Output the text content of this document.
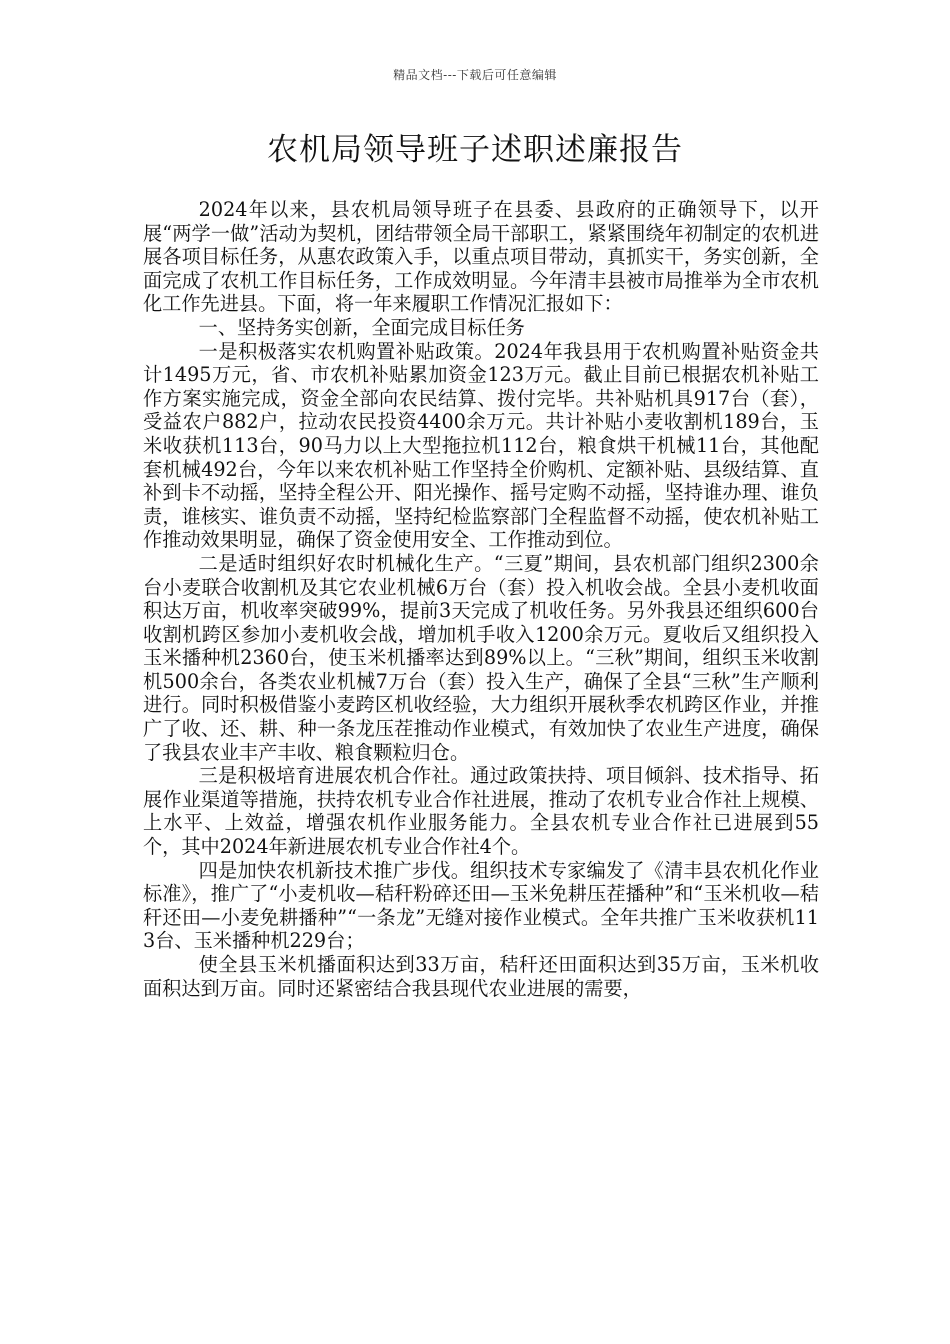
精品文档---下载后可任意编辑
农机局领导班子述职述廉报告

2024年以来，县农机局领导班子在县委、县政府的正确领导下，以开展“两学一做”活动为契机，团结带领全局干部职工，紧紧围绕年初制定的农机进展各项目标任务，从惠农政策入手，以重点项目带动，真抓实干，务实创新，全面完成了农机工作目标任务，工作成效明显。今年清丰县被市局推举为全市农机化工作先进县。下面，将一年来履职工作情况汇报如下：

一、坚持务实创新，全面完成目标任务

一是积极落实农机购置补贴政策。2024年我县用于农机购置补贴资金共计1495万元，省、市农机补贴累加资金123万元。截止目前已根据农机补贴工作方案实施完成，资金全部向农民结算、拨付完毕。共补贴机具917台（套），受益农户882户，拉动农民投资4400余万元。共计补贴小麦收割机189台，玉米收获机113台，90马力以上大型拖拉机112台，粮食烘干机械11台，其他配套机械492台，今年以来农机补贴工作坚持全价购机、定额补贴、县级结算、直补到卡不动摇，坚持全程公开、阳光操作、摇号定购不动摇，坚持谁办理、谁负责，谁核实、谁负责不动摇，坚持纪检监察部门全程监督不动摇，使农机补贴工作推动效果明显，确保了资金使用安全、工作推动到位。

二是适时组织好农时机械化生产。“三夏”期间，县农机部门组织2300余台小麦联合收割机及其它农业机械6万台（套）投入机收会战。全县小麦机收面积达万亩，机收率突破99%，提前3天完成了机收任务。另外我县还组织600台收割机跨区参加小麦机收会战，增加机手收入1200余万元。夏收后又组织投入玉米播种机2360台，使玉米机播率达到89%以上。“三秋”期间，组织玉米收割机500余台，各类农业机械7万台（套）投入生产，确保了全县“三秋”生产顺利进行。同时积极借鉴小麦跨区机收经验，大力组织开展秋季农机跨区作业，并推广了收、还、耕、种一条龙压茬推动作业模式，有效加快了农业生产进度，确保了我县农业丰产丰收、粮食颗粒归仓。

三是积极培育进展农机合作社。通过政策扶持、项目倾斜、技术指导、拓展作业渠道等措施，扶持农机专业合作社进展，推动了农机专业合作社上规模、上水平、上效益，增强农机作业服务能力。全县农机专业合作社已进展到55个，其中2024年新进展农机专业合作社4个。

四是加快农机新技术推广步伐。组织技术专家编发了《清丰县农机化作业标准》，推广了“小麦机收—秸秆粉碎还田—玉米免耕压茬播种”和“玉米机收—秸秆还田—小麦免耕播种”“一条龙”无缝对接作业模式。全年共推广玉米收获机113台、玉米播种机229台；

使全县玉米机播面积达到33万亩，秸秆还田面积达到35万亩，玉米机收面积达到万亩。同时还紧密结合我县现代农业进展的需要，
